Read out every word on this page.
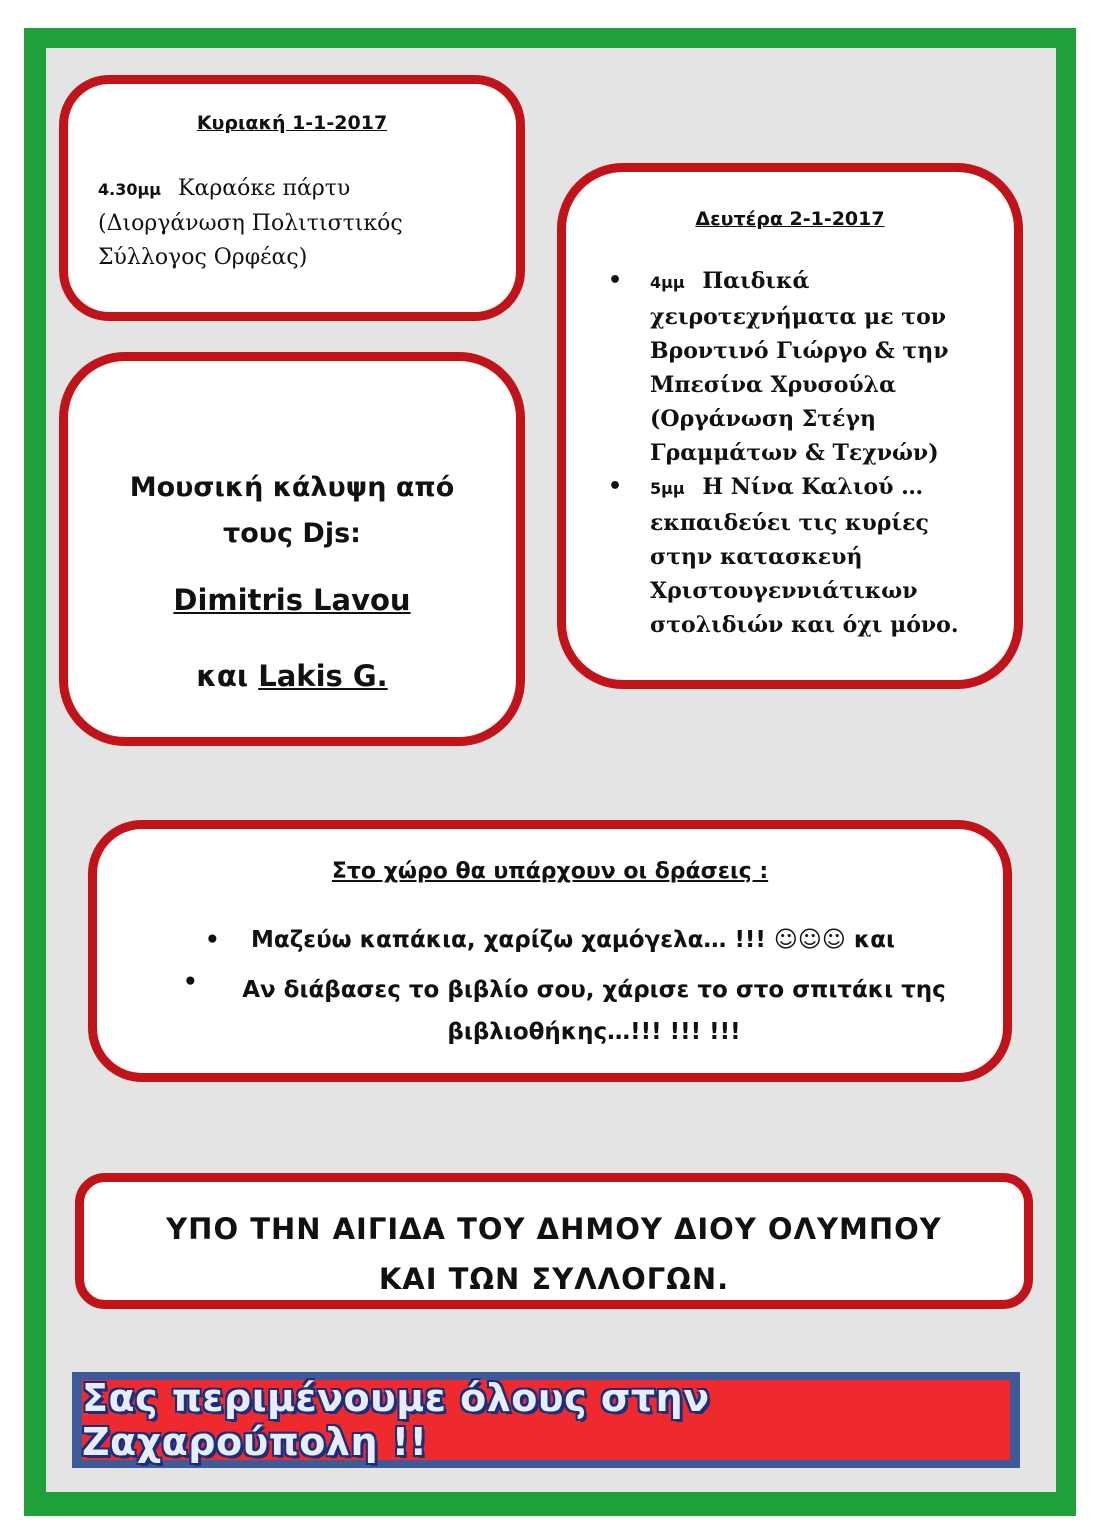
Κυριακή 1-1-2017
4.30μμ Καραόκε πάρτυ
(Διοργάνωση Πολιτιστικός Σύλλογος Ορφέας)
Δευτέρα 2-1-2017
• 4μμ Παιδικά χειροτεχνήματα με τον Βροντινό Γιώργο & την Μπεσίνα Χρυσούλα (Οργάνωση Στέγη Γραμμάτων & Τεχνών)
• 5μμ Η Νίνα Καλιού …εκπαιδεύει τις κυρίες στην κατασκευή Χριστουγεννιάτικων στολιδιών και όχι μόνο.
Μουσική κάλυψη από
τους Djs:
Dimitris Lavou
και Lakis G.
Στο χώρο θα υπάρχουν οι δράσεις :
• Μαζεύω καπάκια, χαρίζω χαμόγελα… !!! ☺☺☺ και
•	Αν διάβασες το βιβλίο σου, χάρισε το στο σπιτάκι της βιβλιοθήκης…!!! !!! !!!
ΥΠΟ ΤΗΝ ΑΙΓΙΔΑ ΤΟΥ ΔΗΜΟΥ ΔΙΟΥ ΟΛΥΜΠΟΥ
ΚΑΙ ΤΩΝ ΣΥΛΛΟΓΩΝ.
Σας περιμένουμε όλους στην Ζαχαρούπολη !!
